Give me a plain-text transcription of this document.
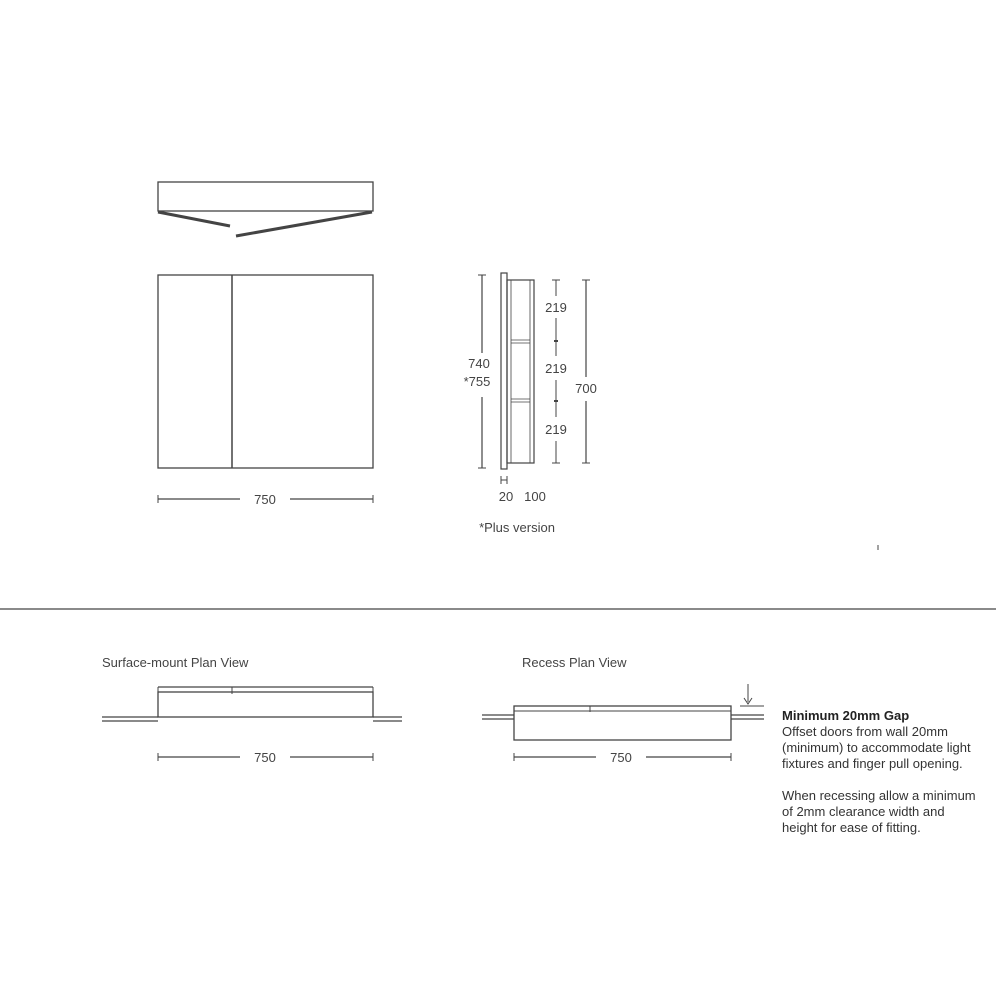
750
740
*755
219
219
219
700
20 100
*Plus version
Surface-mount Plan View
750
Recess Plan View
750

Minimum 20mm Gap

Offset doors from wall 20mm

(minimum) to accommodate light

fixtures and finger pull opening.

When recessing allow a minimum

of 2mm clearance width and

height for ease of fitting.
